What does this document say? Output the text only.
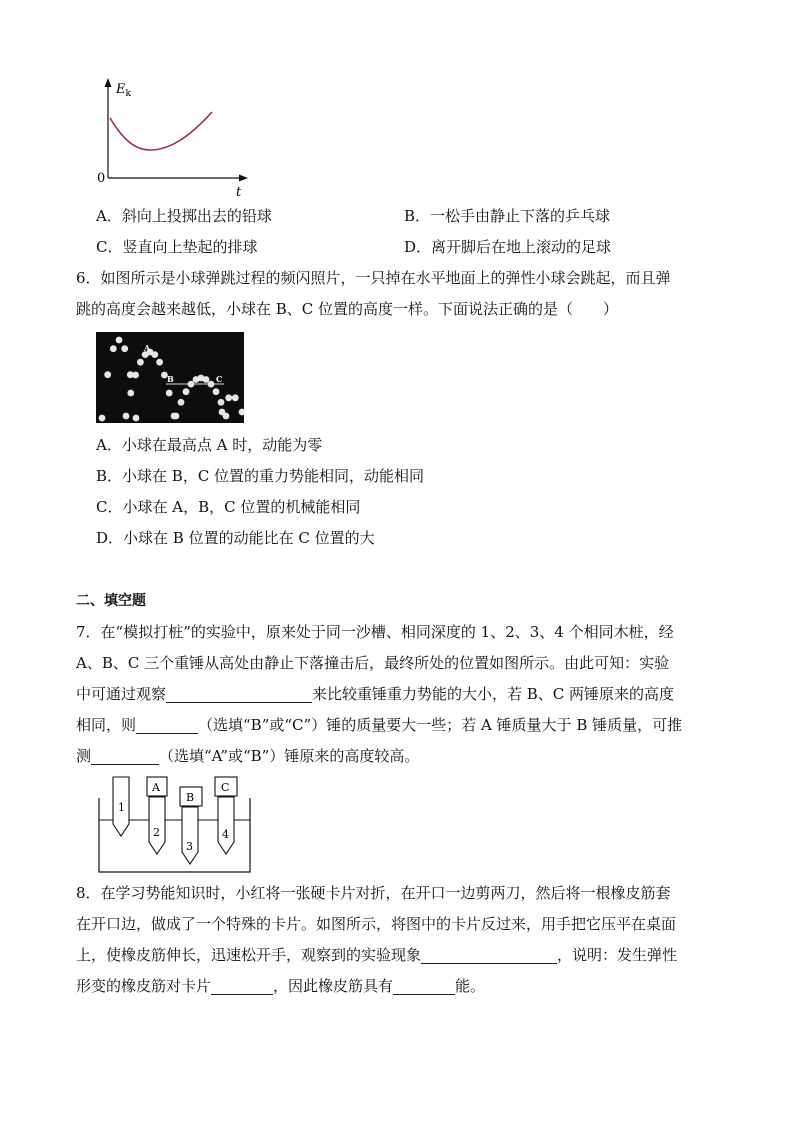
$E_k$
0
t
A．斜向上投掷出去的铅球	B．一松手由静止下落的乒乓球
C．竖直向上垫起的排球	D．离开脚后在地上滚动的足球
6．如图所示是小球弹跳过程的频闪照片，一只掉在水平地面上的弹性小球会跳起，而且弹
跳的高度会越来越低，小球在 B、C 位置的高度一样。下面说法正确的是（　　）
A
B	C
A．小球在最高点 A 时，动能为零
B．小球在 B，C 位置的重力势能相同，动能相同
C．小球在 A，B，C 位置的机械能相同
D．小球在 B 位置的动能比在 C 位置的大
二、填空题
7．在“模拟打桩”的实验中，原来处于同一沙槽、相同深度的 1、2、3、4 个相同木桩，经
A、B、C 三个重锤从高处由静止下落撞击后，最终所处的位置如图所示。由此可知：实验
中可通过观察	来比较重锤重力势能的大小，若 B、C 两锤原来的高度
相同，则	（选填“B”或“C”）锤的质量要大一些；若 A 锤质量大于 B 锤质量，可推
测	（选填“A”或“B”）锤原来的高度较高。
1
A
2
B
3
C
4
8．在学习势能知识时，小红将一张硬卡片对折，在开口一边剪两刀，然后将一根橡皮筋套
在开口边，做成了一个特殊的卡片。如图所示，将图中的卡片反过来，用手把它压平在桌面
上，使橡皮筋伸长，迅速松开手，观察到的实验现象	，说明：发生弹性
形变的橡皮筋对卡片	，因此橡皮筋具有	能。
